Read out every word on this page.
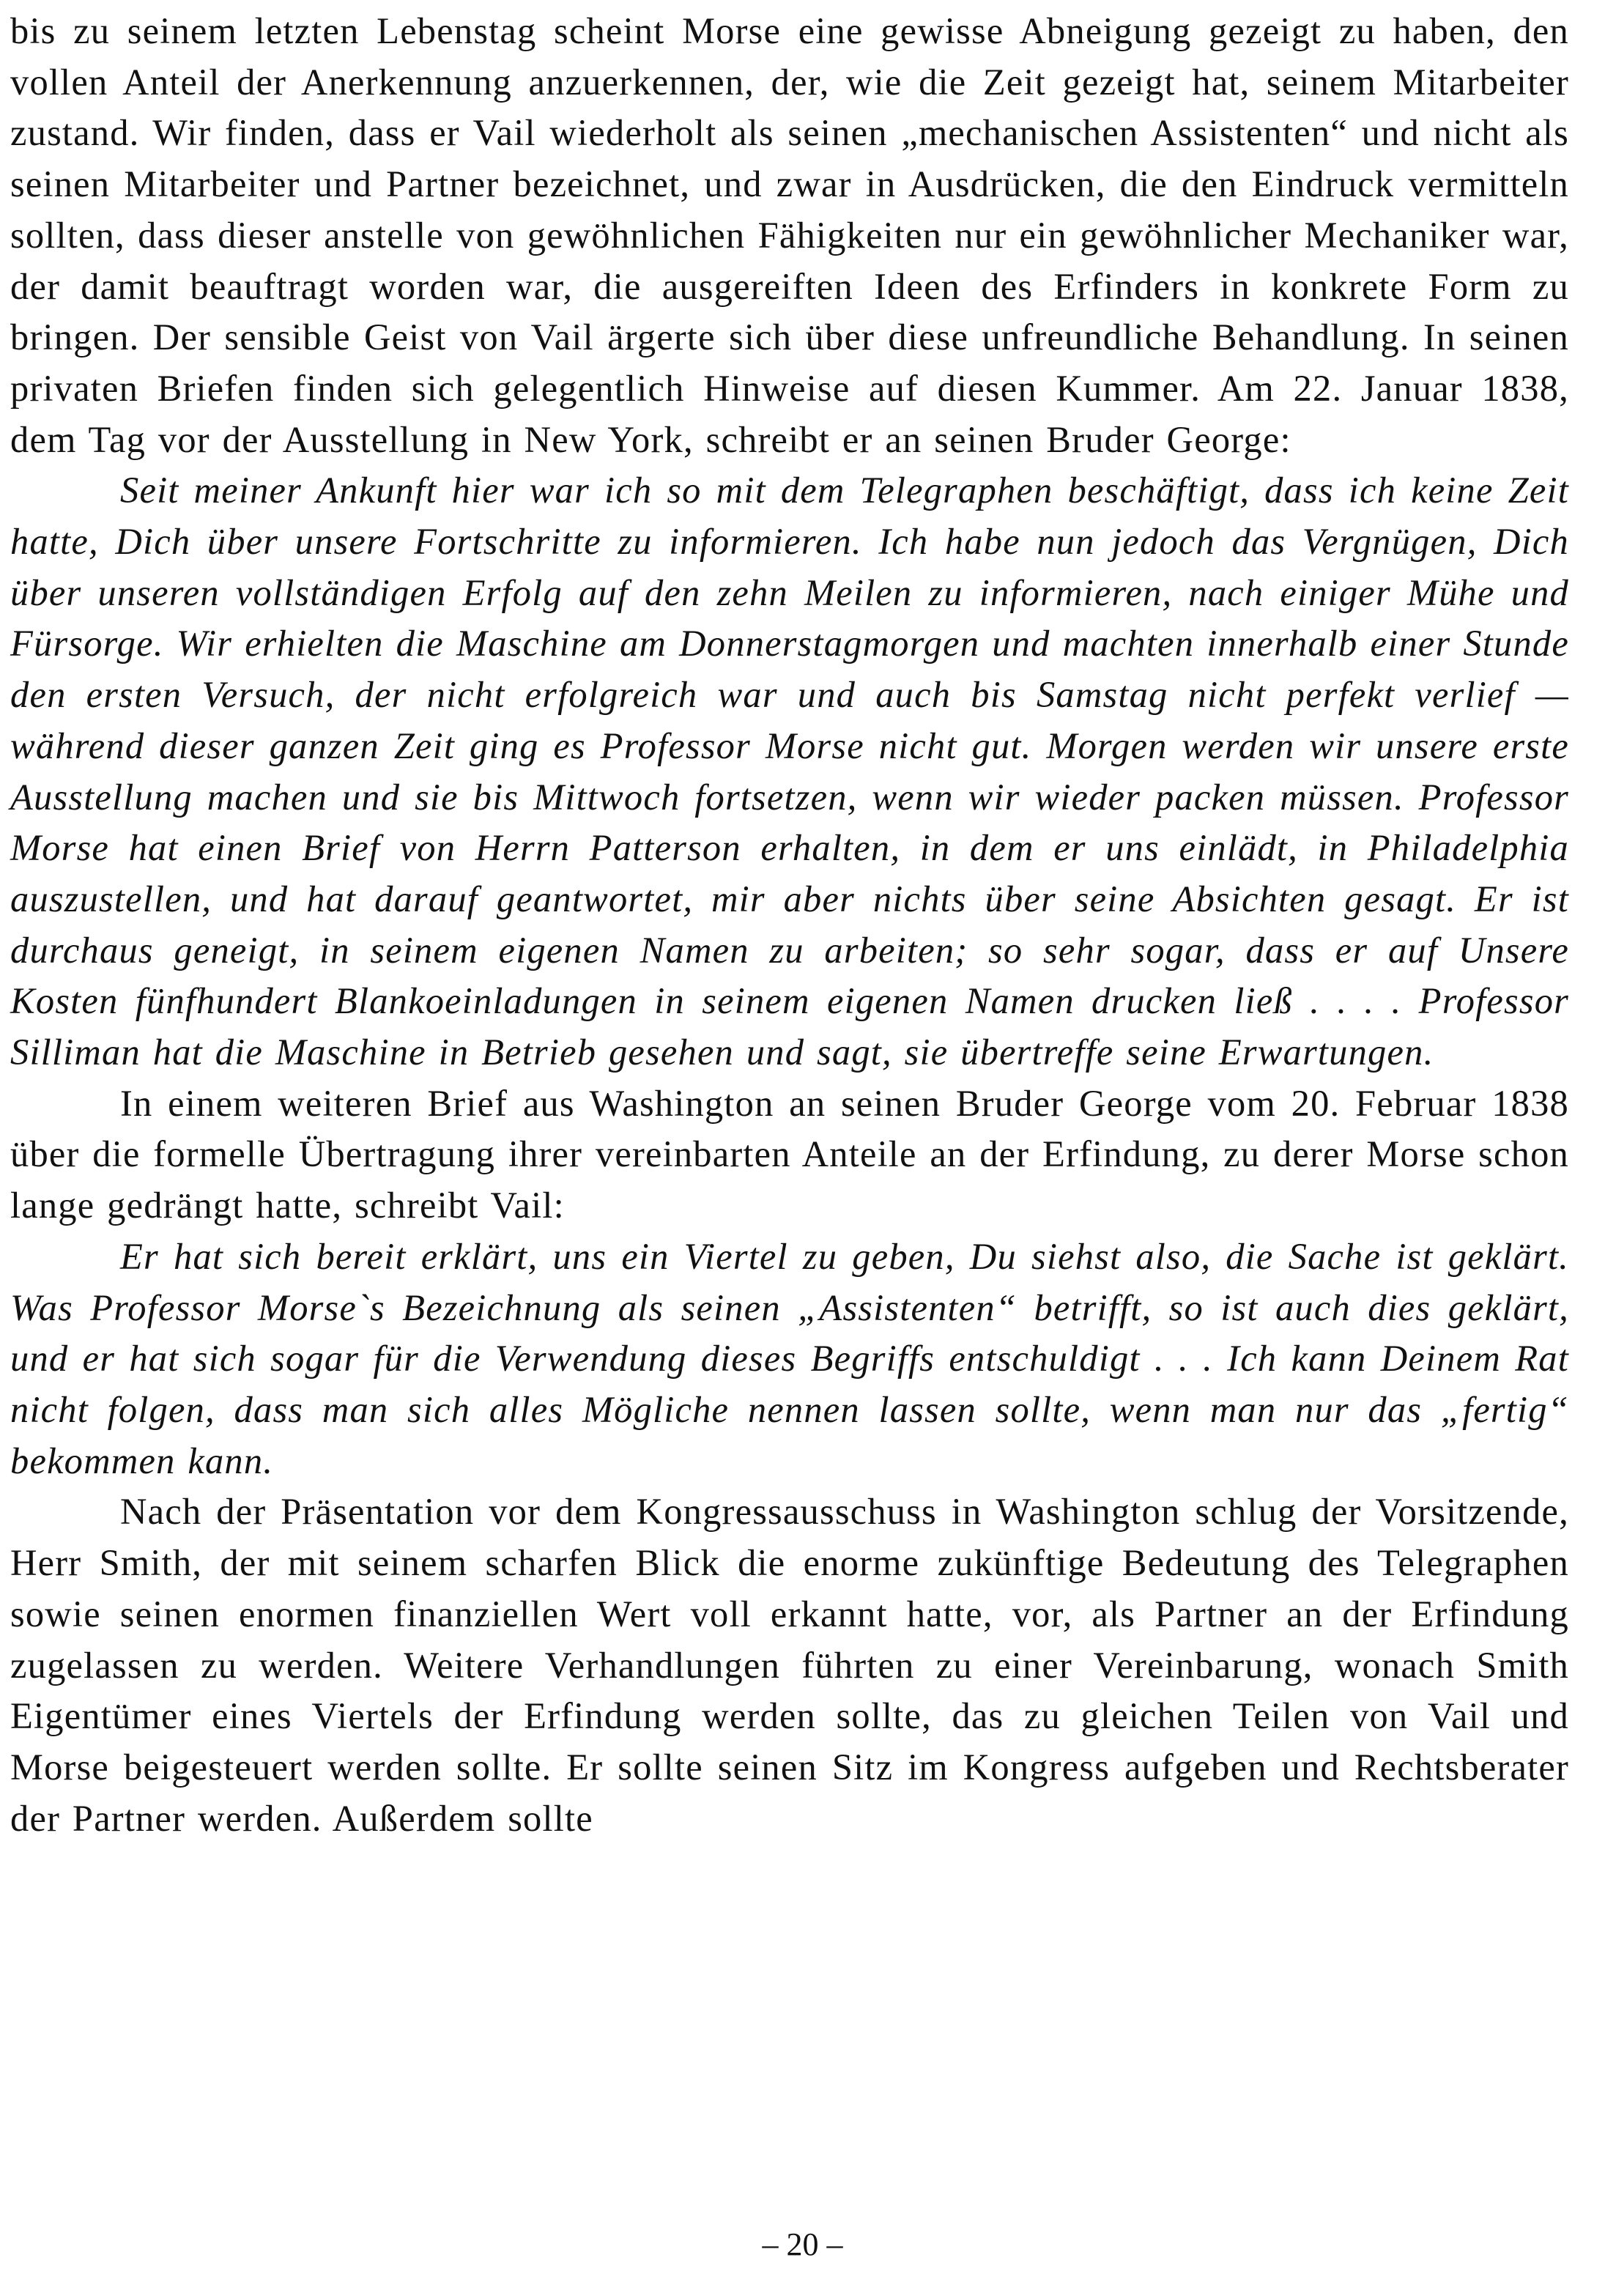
bis zu seinem letzten Lebenstag scheint Morse eine gewisse Abneigung gezeigt zu haben, den vollen Anteil der Anerkennung anzuerkennen, der, wie die Zeit gezeigt hat, seinem Mitarbeiter zustand. Wir finden, dass er Vail wiederholt als seinen „mechanischen Assistenten“ und nicht als seinen Mitarbeiter und Partner bezeichnet, und zwar in Ausdrücken, die den Eindruck vermitteln sollten, dass dieser anstelle von gewöhnlichen Fähigkeiten nur ein gewöhnlicher Mechaniker war, der damit beauftragt worden war, die ausgereiften Ideen des Erfinders in konkrete Form zu bringen. Der sensible Geist von Vail ärgerte sich über diese unfreundliche Behandlung. In seinen privaten Briefen finden sich gelegentlich Hinweise auf diesen Kummer. Am 22. Januar 1838, dem Tag vor der Ausstellung in New York, schreibt er an seinen Bruder George:

Seit meiner Ankunft hier war ich so mit dem Telegraphen beschäftigt, dass ich keine Zeit hatte, Dich über unsere Fortschritte zu informieren. Ich habe nun jedoch das Vergnügen, Dich über unseren vollständigen Erfolg auf den zehn Meilen zu informieren, nach einiger Mühe und Fürsorge. Wir erhielten die Maschine am Donnerstagmorgen und machten innerhalb einer Stunde den ersten Versuch, der nicht erfolgreich war und auch bis Samstag nicht perfekt verlief — während dieser ganzen Zeit ging es Professor Morse nicht gut. Morgen werden wir unsere erste Ausstellung machen und sie bis Mittwoch fortsetzen, wenn wir wieder packen müssen. Professor Morse hat einen Brief von Herrn Patterson erhalten, in dem er uns einlädt, in Philadelphia auszustellen, und hat darauf geantwortet, mir aber nichts über seine Absichten gesagt. Er ist durchaus geneigt, in seinem eigenen Namen zu arbeiten; so sehr sogar, dass er auf Unsere Kosten fünfhundert Blankoeinladungen in seinem eigenen Namen drucken ließ . . . . Professor Silliman hat die Maschine in Betrieb gesehen und sagt, sie übertreffe seine Erwartungen.

In einem weiteren Brief aus Washington an seinen Bruder George vom 20. Februar 1838 über die formelle Übertragung ihrer vereinbarten Anteile an der Erfindung, zu derer Morse schon lange gedrängt hatte, schreibt Vail:

Er hat sich bereit erklärt, uns ein Viertel zu geben, Du siehst also, die Sache ist geklärt. Was Professor Morse`s Bezeichnung als seinen „Assistenten“ betrifft, so ist auch dies geklärt, und er hat sich sogar für die Verwendung dieses Begriffs entschuldigt . . . Ich kann Deinem Rat nicht folgen, dass man sich alles Mögliche nennen lassen sollte, wenn man nur das „fertig“ bekommen kann.

Nach der Präsentation vor dem Kongressausschuss in Washington schlug der Vorsitzende, Herr Smith, der mit seinem scharfen Blick die enorme zukünftige Bedeutung des Telegraphen sowie seinen enormen finanziellen Wert voll erkannt hatte, vor, als Partner an der Erfindung zugelassen zu werden. Weitere Verhandlungen führten zu einer Vereinbarung, wonach Smith Eigentümer eines Viertels der Erfindung werden sollte, das zu gleichen Teilen von Vail und Morse beigesteuert werden sollte. Er sollte seinen Sitz im Kongress aufgeben und Rechtsberater der Partner werden. Außerdem sollte

– 20 –
